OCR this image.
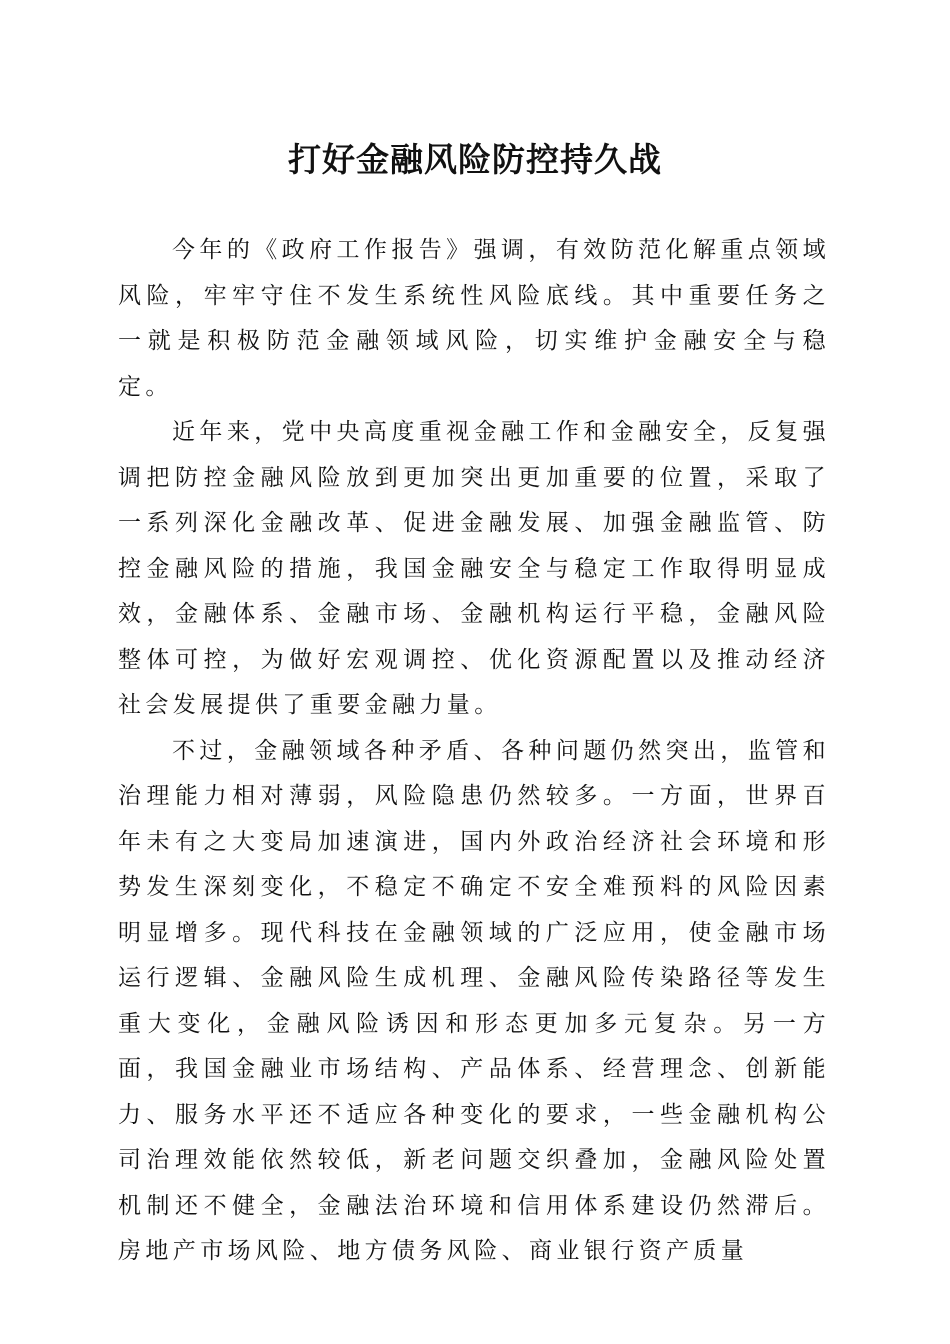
打好金融风险防控持久战

今年的《政府工作报告》强调，有效防范化解重点领域风险，牢牢守住不发生系统性风险底线。其中重要任务之一就是积极防范金融领域风险，切实维护金融安全与稳定。

近年来，党中央高度重视金融工作和金融安全，反复强调把防控金融风险放到更加突出更加重要的位置，采取了一系列深化金融改革、促进金融发展、加强金融监管、防控金融风险的措施，我国金融安全与稳定工作取得明显成效，金融体系、金融市场、金融机构运行平稳，金融风险整体可控，为做好宏观调控、优化资源配置以及推动经济社会发展提供了重要金融力量。

不过，金融领域各种矛盾、各种问题仍然突出，监管和治理能力相对薄弱，风险隐患仍然较多。一方面，世界百年未有之大变局加速演进，国内外政治经济社会环境和形势发生深刻变化，不稳定不确定不安全难预料的风险因素明显增多。现代科技在金融领域的广泛应用，使金融市场运行逻辑、金融风险生成机理、金融风险传染路径等发生重大变化，金融风险诱因和形态更加多元复杂。另一方面，我国金融业市场结构、产品体系、经营理念、创新能力、服务水平还不适应各种变化的要求，一些金融机构公司治理效能依然较低，新老问题交织叠加，金融风险处置机制还不健全，金融法治环境和信用体系建设仍然滞后。房地产市场风险、地方债务风险、商业银行资产质量
